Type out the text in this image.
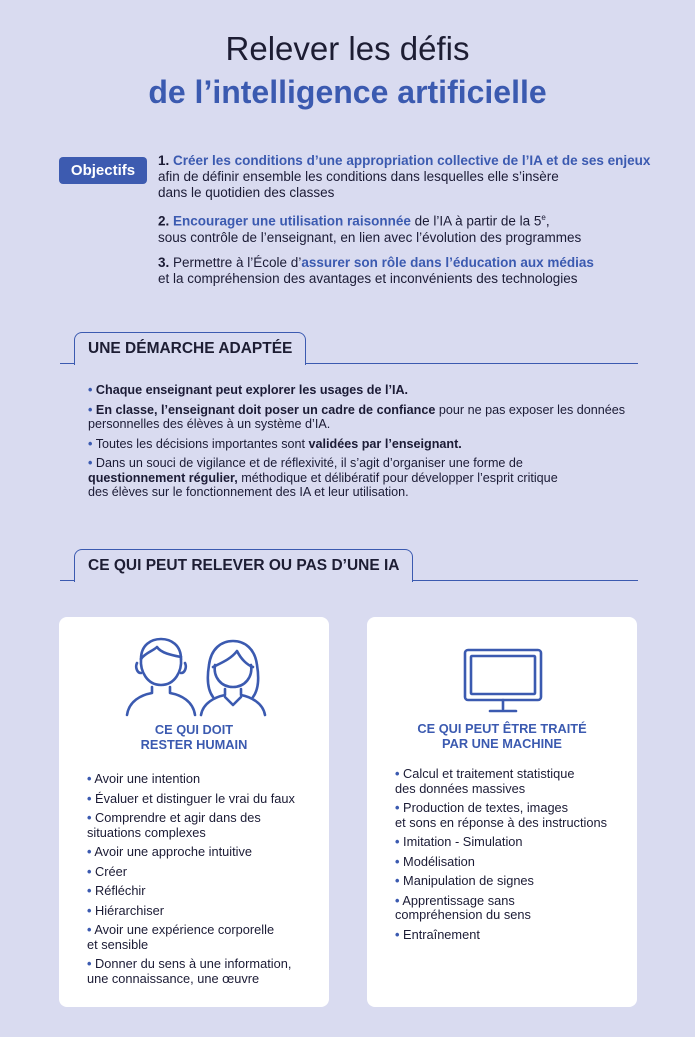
Relever les défis
de l’intelligence artificielle
Objectifs
1. Créer les conditions d’une appropriation collective de l’IA et de ses enjeux
afin de définir ensemble les conditions dans lesquelles elle s’insère
dans le quotidien des classes
2. Encourager une utilisation raisonnée de l’IA à partir de la 5e,
sous contrôle de l’enseignant, en lien avec l’évolution des programmes
3. Permettre à l’École d’assurer son rôle dans l’éducation aux médias
et la compréhension des avantages et inconvénients des technologies
UNE DÉMARCHE ADAPTÉE
• Chaque enseignant peut explorer les usages de l’IA.
• En classe, l’enseignant doit poser un cadre de confiance pour ne pas exposer les données
personnelles des élèves à un système d’IA.
• Toutes les décisions importantes sont validées par l’enseignant.
• Dans un souci de vigilance et de réflexivité, il s’agit d’organiser une forme de
questionnement régulier, méthodique et délibératif pour développer l’esprit critique
des élèves sur le fonctionnement des IA et leur utilisation.
CE QUI PEUT RELEVER OU PAS D’UNE IA
CE QUI DOIT
RESTER HUMAIN
• Avoir une intention
• Évaluer et distinguer le vrai du faux
• Comprendre et agir dans des
situations complexes
• Avoir une approche intuitive
• Créer
• Réfléchir
• Hiérarchiser
• Avoir une expérience corporelle
et sensible
• Donner du sens à une information,
une connaissance, une œuvre
CE QUI PEUT ÊTRE TRAITÉ
PAR UNE MACHINE
• Calcul et traitement statistique
des données massives
• Production de textes, images
et sons en réponse à des instructions
• Imitation - Simulation
• Modélisation
• Manipulation de signes
• Apprentissage sans
compréhension du sens
• Entraînement
